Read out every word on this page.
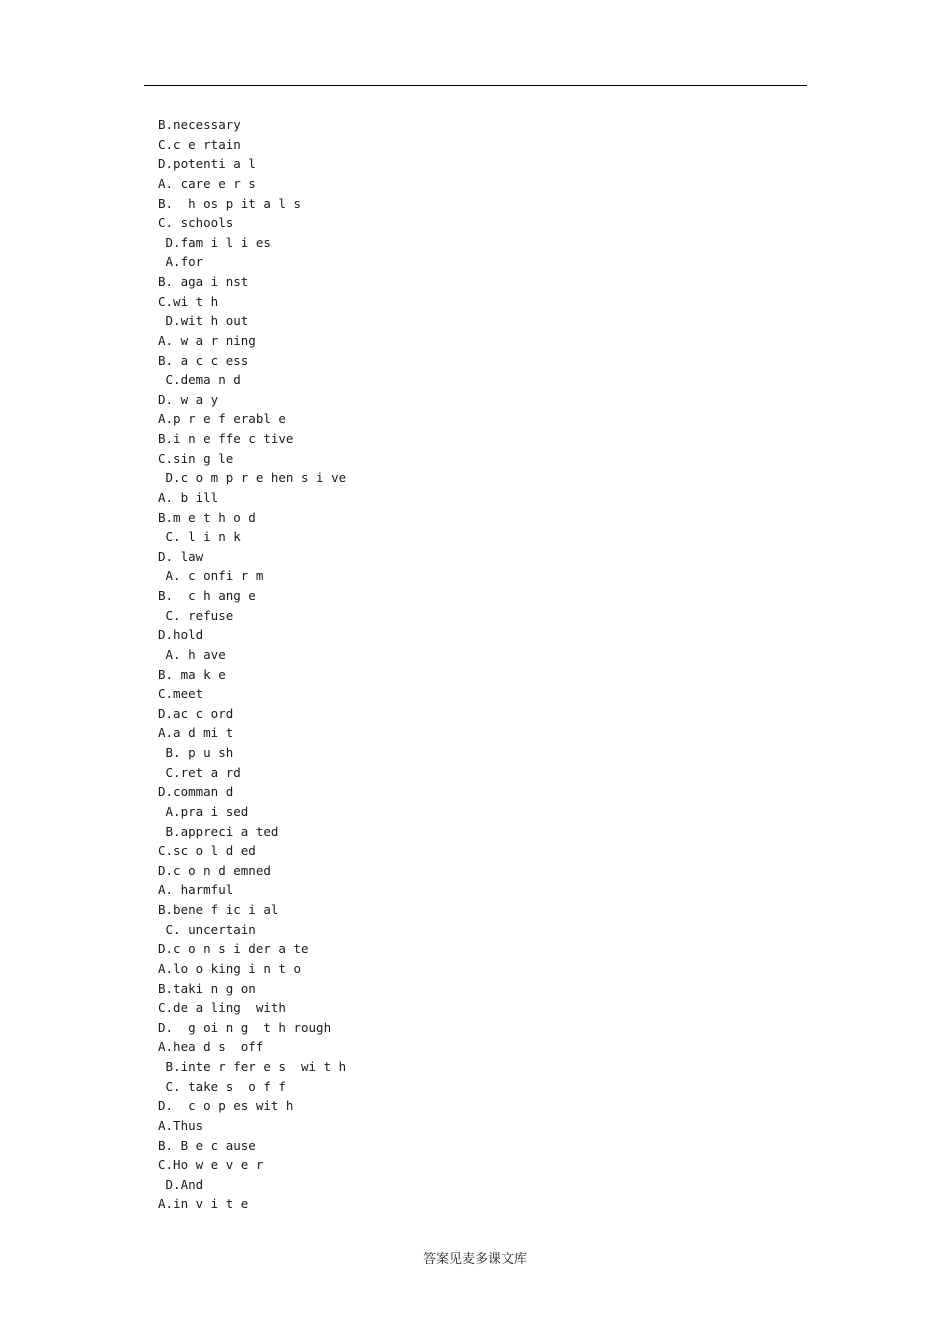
B.necessary
C.c e rtain
D.potenti a l
A. care e r s
B.  h os p it a l s
C. schools
D.fam i l i es
A.for
B. aga i nst
C.wi t h
D.wit h out
A. w a r ning
B. a c c ess
C.dema n d
D. w a y
A.p r e f erabl e
B.i n e ffe c tive
C.sin g le
D.c o m p r e hen s i ve
A. b ill
B.m e t h o d
C. l i n k
D. law
A. c onfi r m
B.  c h ang e
C. refuse
D.hold
A. h ave
B. ma k e
C.meet
D.ac c ord
A.a d mi t
B. p u sh
C.ret a rd
D.comman d
A.pra i sed
B.appreci a ted
C.sc o l d ed
D.c o n d emned
A. harmful
B.bene f ic i al
C. uncertain
D.c o n s i der a te
A.lo o king i n t o
B.taki n g on
C.de a ling  with
D.  g oi n g  t h rough
A.hea d s  off
B.inte r fer e s  wi t h
C. take s  o f f
D.  c o p es wit h
A.Thus
B. B e c ause
C.Ho w e v e r
D.And
A.in v i t e
答案见麦多课文库
